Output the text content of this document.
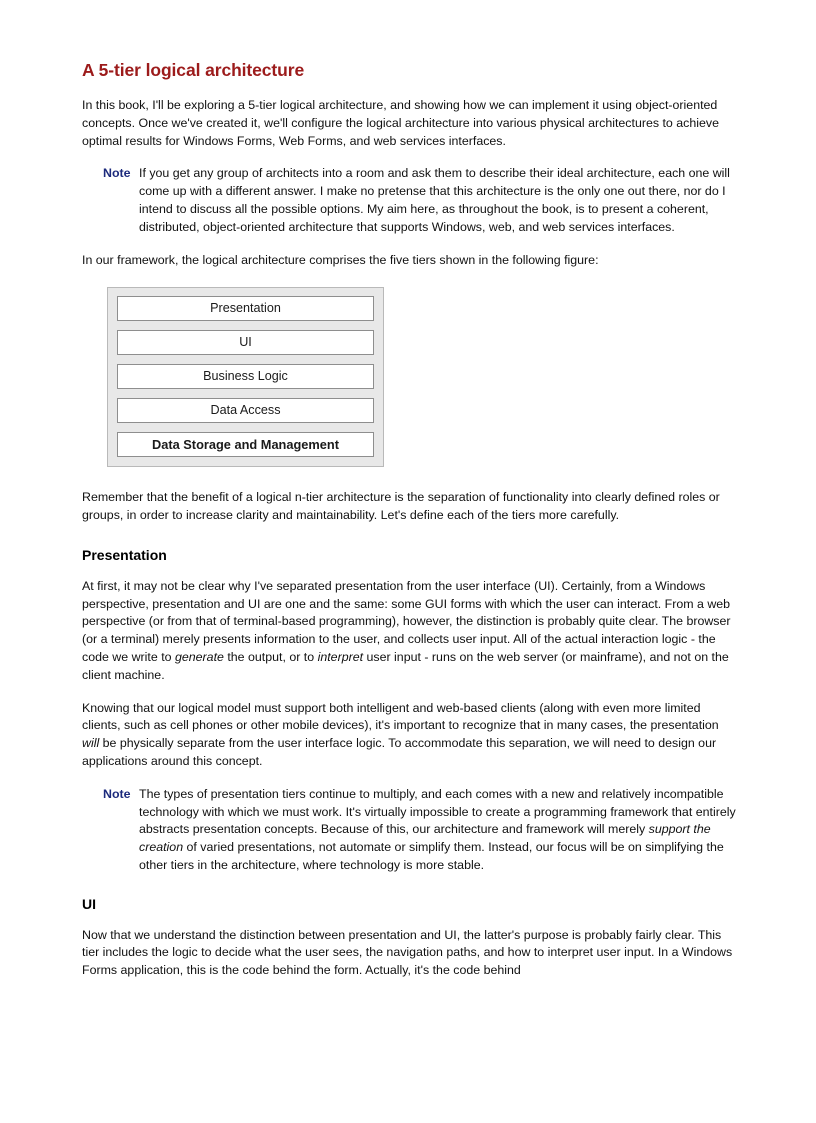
A 5-tier logical architecture

In this book, I'll be exploring a 5-tier logical architecture, and showing how we can implement it using object-oriented concepts. Once we've created it, we'll configure the logical architecture into various physical architectures to achieve optimal results for Windows Forms, Web Forms, and web services interfaces.

Note If you get any group of architects into a room and ask them to describe their ideal architecture, each one will come up with a different answer. I make no pretense that this architecture is the only one out there, nor do I intend to discuss all the possible options. My aim here, as throughout the book, is to present a coherent, distributed, object-oriented architecture that supports Windows, web, and web services interfaces.

In our framework, the logical architecture comprises the five tiers shown in the following figure:

Presentation
UI
Business Logic
Data Access
Data Storage and Management

Remember that the benefit of a logical n-tier architecture is the separation of functionality into clearly defined roles or groups, in order to increase clarity and maintainability. Let's define each of the tiers more carefully.

Presentation

At first, it may not be clear why I've separated presentation from the user interface (UI). Certainly, from a Windows perspective, presentation and UI are one and the same: some GUI forms with which the user can interact. From a web perspective (or from that of terminal-based programming), however, the distinction is probably quite clear. The browser (or a terminal) merely presents information to the user, and collects user input. All of the actual interaction logic - the code we write to generate the output, or to interpret user input - runs on the web server (or mainframe), and not on the client machine.

Knowing that our logical model must support both intelligent and web-based clients (along with even more limited clients, such as cell phones or other mobile devices), it's important to recognize that in many cases, the presentation will be physically separate from the user interface logic. To accommodate this separation, we will need to design our applications around this concept.

Note The types of presentation tiers continue to multiply, and each comes with a new and relatively incompatible technology with which we must work. It's virtually impossible to create a programming framework that entirely abstracts presentation concepts. Because of this, our architecture and framework will merely support the creation of varied presentations, not automate or simplify them. Instead, our focus will be on simplifying the other tiers in the architecture, where technology is more stable.
UI

Now that we understand the distinction between presentation and UI, the latter's purpose is probably fairly clear. This tier includes the logic to decide what the user sees, the navigation paths, and how to interpret user input. In a Windows Forms application, this is the code behind the form. Actually, it's the code behind
